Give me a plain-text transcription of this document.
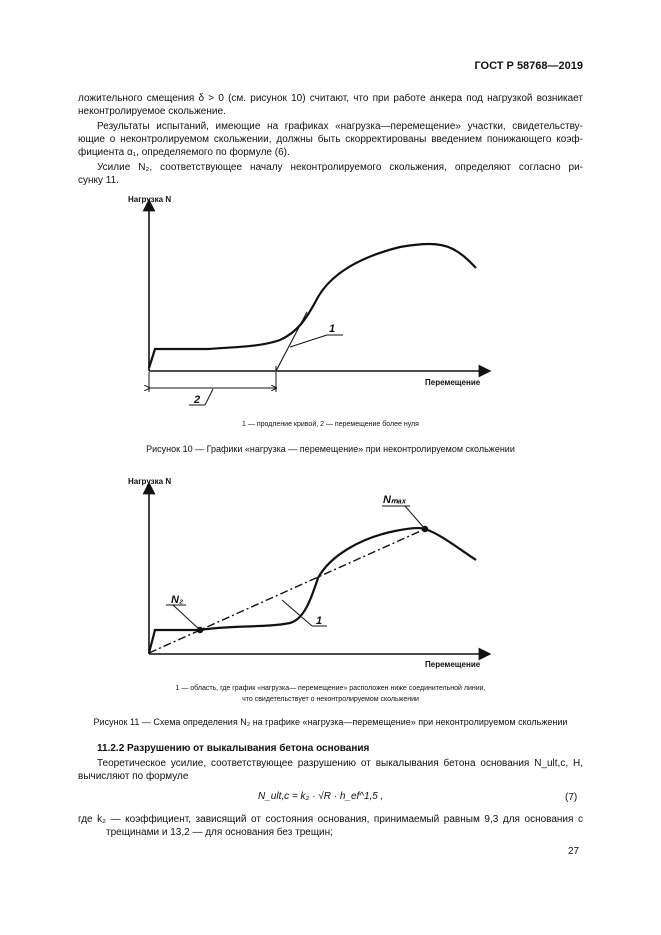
ГОСТ Р 58768—2019
ложительного смещения δ > 0 (см. рисунок 10) считают, что при работе анкера под нагрузкой возникает
неконтролируемое скольжение.
Результаты испытаний, имеющие на графиках «нагрузка—перемещение» участки, свидетельству-
ющие о неконтролируемом скольжении, должны быть скорректированы введением понижающего коэф-
фициента α₁, определяемого по формуле (6).
Усилие N₂, соответствующее началу неконтролируемого скольжения, определяют согласно ри-
сунку 11.
Нагрузка N
Перемещение
1
2
1 — продление кривой, 2 — перемещение более нуля
Рисунок 10 — Графики «нагрузка — перемещение» при неконтролируемом скольжении
Нагрузка N
Перемещение
N₂
Nₘₐₓ
1
1 — область, где график «нагрузка— перемещение» расположен ниже соединительной линии,
что свидетельствует о неконтролируемом скольжении
Рисунок 11 — Схема определения N₂ на графике «нагрузка—перемещение» при неконтролируемом скольжении
11.2.2 Разрушению от выкалывания бетона основания
Теоретическое усилие, соответствующее разрушению от выкалывания бетона основания N_ult,c, Н,
вычисляют по формуле
N_ult,c = k₂ · √R · h_ef^1,5 ,	(7)
где k₂ — коэффициент, зависящий от состояния основания, принимаемый равным 9,3 для основания с
трещинами и 13,2 — для основания без трещин;
27
